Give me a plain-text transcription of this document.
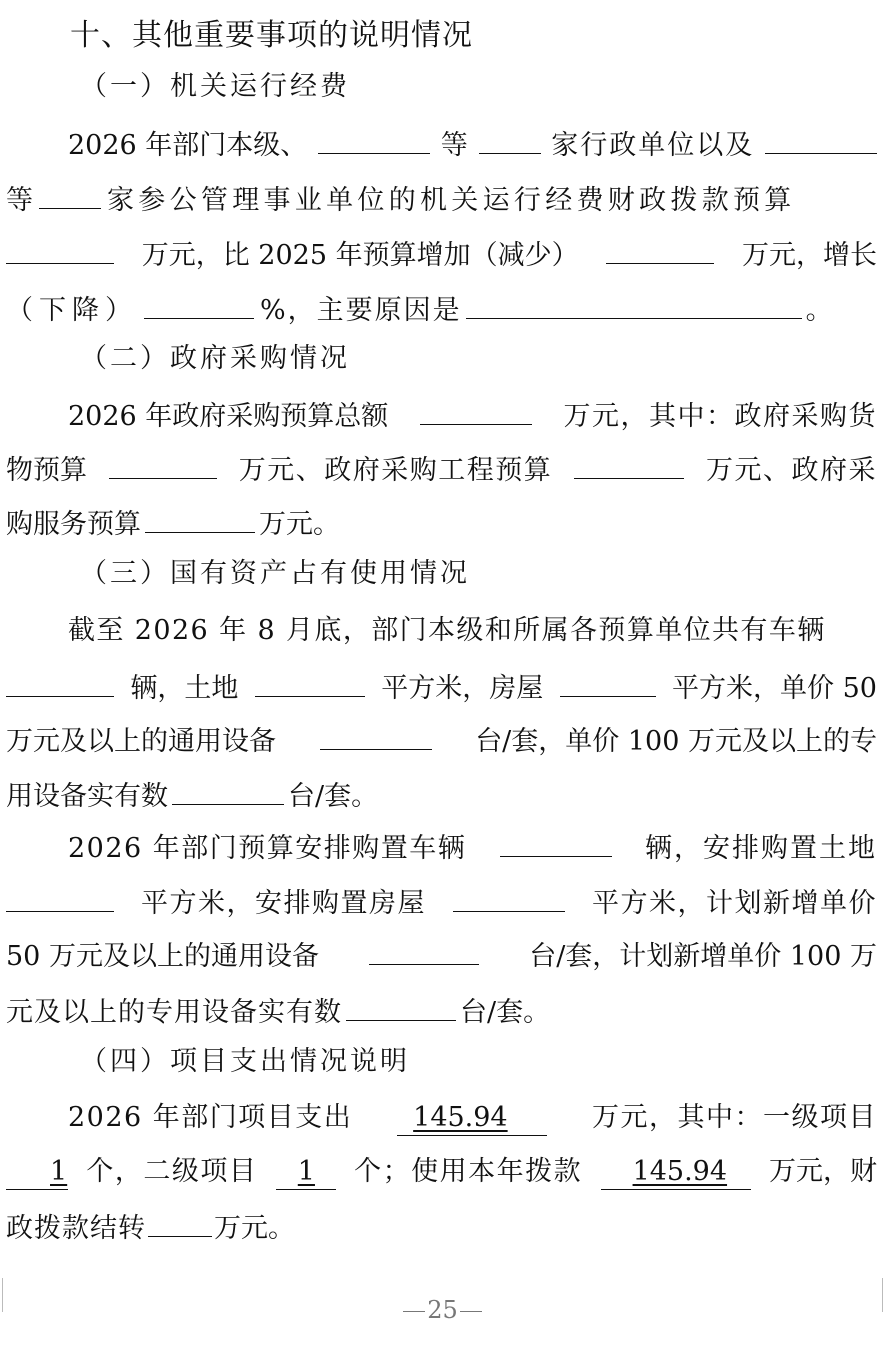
十、其他重要事项的说明情况
（一）机关运行经费
2026 年部门本级、	等	家行政单位以及
等	家参公管理事业单位的机关运行经费财政拨款预算
万元，比 2025 年预算增加（减少）	万元，增长
（下降）	%，主要原因是	。
（二）政府采购情况
2026 年政府采购预算总额	万元，其中：政府采购货
物预算	万元、政府采购工程预算	万元、政府采
购服务预算	万元。
（三）国有资产占有使用情况
截至 2026 年 8 月底，部门本级和所属各预算单位共有车辆
辆，土地	平方米，房屋	平方米，单价 50
万元及以上的通用设备	台/套，单价 100 万元及以上的专
用设备实有数	台/套。
2026 年部门预算安排购置车辆	辆，安排购置土地
平方米，安排购置房屋	平方米，计划新增单价
50 万元及以上的通用设备	台/套，计划新增单价 100 万
元及以上的专用设备实有数	台/套。
（四）项目支出情况说明
2026 年部门项目支出	145.94	万元，其中：一级项目
1 个，二级项目	1	个；使用本年拨款	145.94	万元，财
政拨款结转	万元。
25
